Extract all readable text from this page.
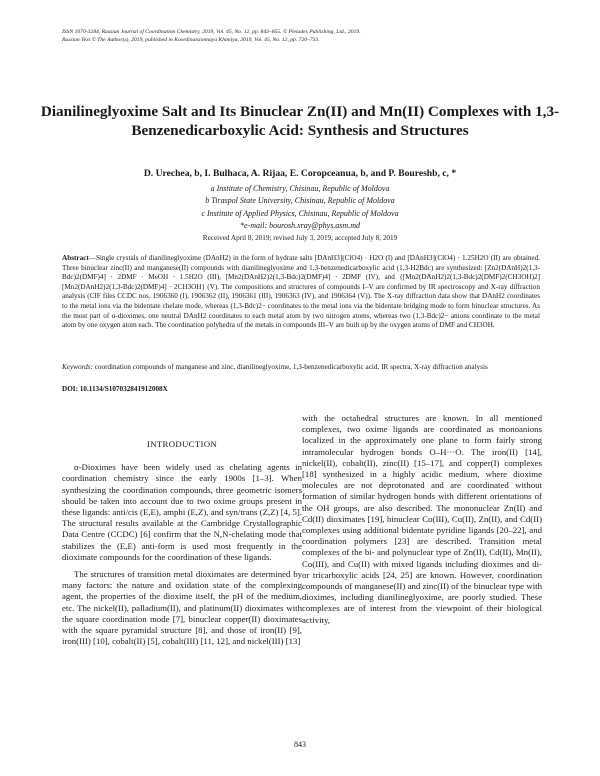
ISSN 1070-3284, Russian Journal of Coordination Chemistry, 2019, Vol. 45, No. 12, pp. 843–855. © Pleiades Publishing, Ltd., 2019.
Russian Text © The Author(s), 2019, published in Koordinatsionnaya Khimiya, 2019, Vol. 45, No. 12, pp. 720–733.
Dianilineglyoxime Salt and Its Binuclear Zn(II) and Mn(II) Complexes with 1,3-Benzenedicarboxylic Acid: Synthesis and Structures
D. Urechea, b, I. Bulhaca, A. Rijaa, E. Coropceanua, b, and P. Boureshb, c, *
a Institute of Chemistry, Chisinau, Republic of Moldova
b Tiraspol State University, Chisinau, Republic of Moldova
c Institute of Applied Physics, Chisinau, Republic of Moldova
*e-mail: bourosh.xray@phys.asm.md
Received April 8, 2019; revised July 3, 2019; accepted July 8, 2019
Abstract—Single crystals of dianilineglyoxime (DAnH2) in the form of hydrate salts [DAnH3](ClO4) · H2O (I) and [DAnH3](ClO4) · 1.25H2O (II) are obtained. Three binuclear zinc(II) and manganese(II) compounds with dianilineglyoxime and 1,3-benzenedicarboxylic acid (1,3-H2Bdc) are synthesized: [Zn2(DAnH)2(1,3-Bdc)2(DMF)4] · 2DMF · MeOH · 1.5H2O (III), [Mn2(DAnH2)2(1,3-Bdc)2(DMF)4] · 2DMF (IV), and {[Mn2(DAnH2)2(1,3-Bdc)2(DMF)2(CH3OH)2][Mn2(DAnH2)2(1,3-Bdc)2(DMF)4] · 2CH3OH} (V). The compositions and structures of compounds I–V are confirmed by IR spectroscopy and X-ray diffraction analysis (CIF files CCDC nos. 1906360 (I), 1906362 (II), 1906361 (III), 1906363 (IV), and 1906364 (V)). The X-ray diffraction data show that DAnH2 coordinates to the metal ions via the bidentate chelate mode, whereas (1,3-Bdc)2− coordinates to the metal ions via the bidentate bridging mode to form binuclear structures. As the most part of α-dioximes, one neutral DAnH2 coordinates to each metal atom by two nitrogen atoms, whereas two (1,3-Bdc)2− anions coordinate to the metal atom by one oxygen atom each. The coordination polyhedra of the metals in compounds III–V are built up by the oxygen atoms of DMF and CH3OH.
Keywords: coordination compounds of manganese and zinc, dianilineglyoxime, 1,3-benzenedicarboxylic acid, IR spectra, X-ray diffraction analysis
DOI: 10.1134/S107032841912008X
INTRODUCTION

α-Dioximes have been widely used as chelating agents in coordination chemistry since the early 1900s [1–3]. When synthesizing the coordination compounds, three geometric isomers should be taken into account due to two oxime groups present in these ligands: anti/cis (E,E), amphi (E,Z), and syn/trans (Z,Z) [4, 5]. The structural results available at the Cambridge Crystallographic Data Centre (CCDC) [6] confirm that the N,N-chelating mode that stabilizes the (E,E) anti-form is used most frequently in the dioximate compounds for the coordination of these ligands.

The structures of transition metal dioximates are determined by many factors: the nature and oxidation state of the complexing agent, the properties of the dioxime itself, the pH of the medium, etc. The nickel(II), palladium(II), and platinum(II) dioximates with the square coordination mode [7], binuclear copper(II) dioximates with the square pyramidal structure [8], and those of iron(II) [9], iron(III) [10], cobalt(II) [5], cobalt(III) [11, 12], and nickel(III) [13]

with the octahedral structures are known. In all mentioned complexes, two oxime ligands are coordinated as monoanions localized in the approximately one plane to form fairly strong intramolecular hydrogen bonds O–H···O. The iron(II) [14], nickel(II), cobalt(II), zinc(II) [15–17], and copper(I) complexes [18] synthesized in a highly acidic medium, where dioxime molecules are not deprotonated and are coordinated without formation of similar hydrogen bonds with different orientations of the OH groups, are also described. The mononuclear Zn(II) and Cd(II) dioximates [19], binuclear Co(III), Cu(II), Zn(II), and Cd(II) complexes using additional bidentate pyridine ligands [20–22], and coordination polymers [23] are described. Transition metal complexes of the bi- and polynuclear type of Zn(II), Cd(II), Mn(II), Co(III), and Cu(II) with mixed ligands including dioximes and di- or tricarboxylic acids [24, 25] are known. However, coordination compounds of manganese(II) and zinc(II) of the binuclear type with dioximes, including dianilineglyoxime, are poorly studied. These complexes are of interest from the viewpoint of their biological activity,

843
